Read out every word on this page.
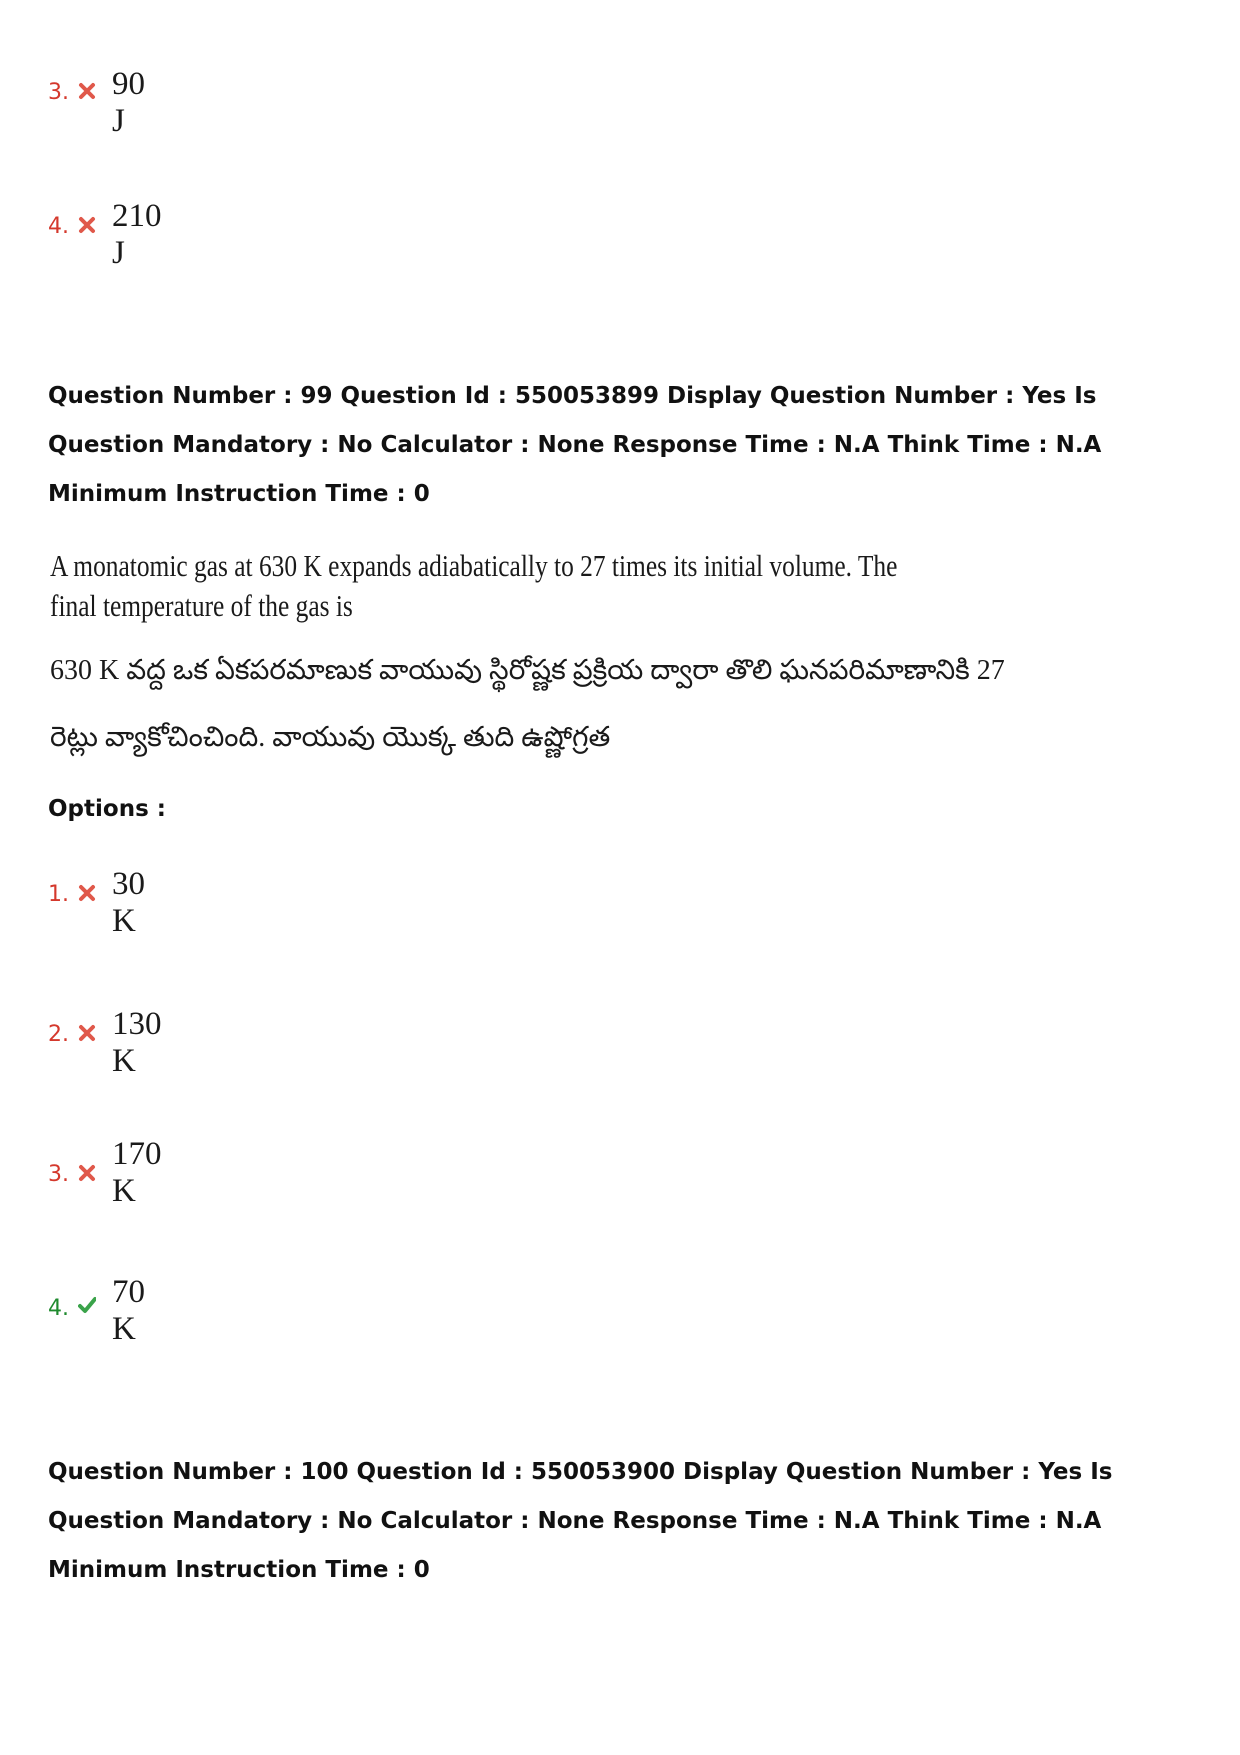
3. 90 J
4. 210 J

Question Number : 99 Question Id : 550053899 Display Question Number : Yes Is Question Mandatory : No Calculator : None Response Time : N.A Think Time : N.A Minimum Instruction Time : 0

A monatomic gas at 630 K expands adiabatically to 27 times its initial volume. The
final temperature of the gas is
630 K వద్ద ఒక ఏకపరమాణుక వాయువు స్థిరోష్ణక ప్రక్రియ ద్వారా తొలి ఘనపరిమాణానికి 27
రెట్లు వ్యాకోచించింది. వాయువు యొక్క తుది ఉష్ణోగ్రత
Options :
1. 30 K
2. 130 K
3.
170 K
4. 70 K

Question Number : 100 Question Id : 550053900 Display Question Number : Yes Is Question Mandatory : No Calculator : None Response Time : N.A Think Time : N.A Minimum Instruction Time : 0
